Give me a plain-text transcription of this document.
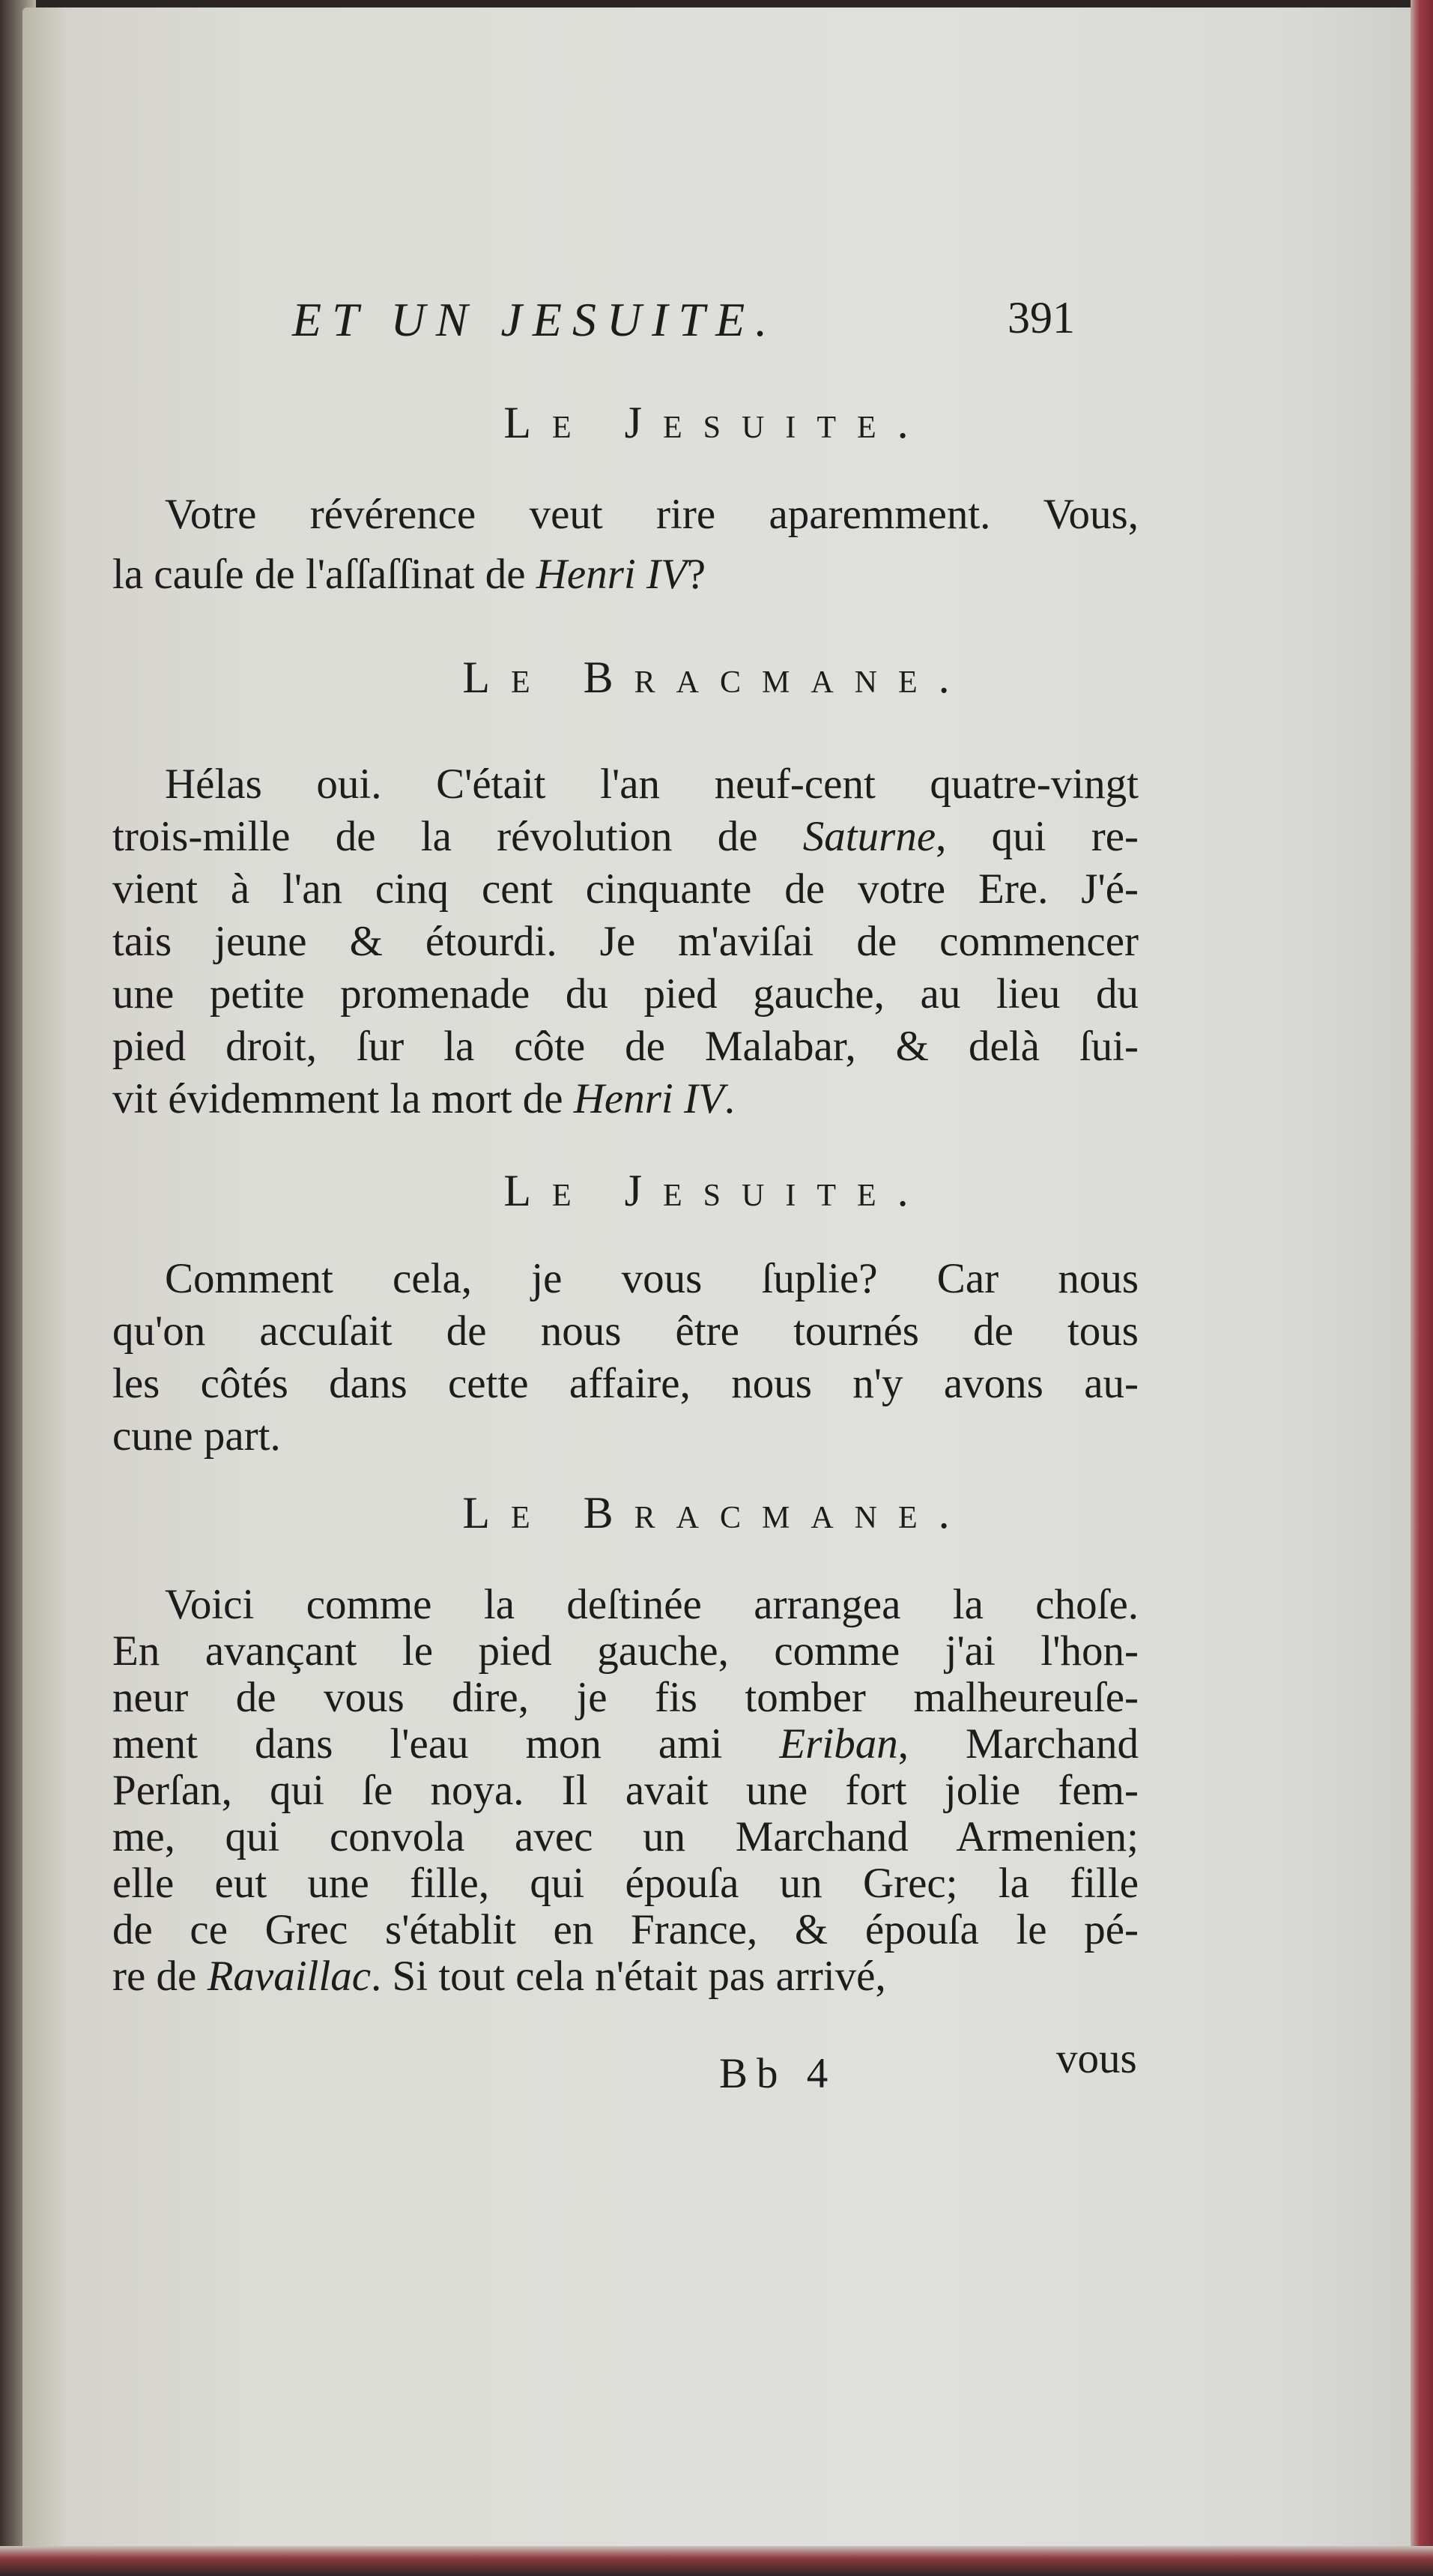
ET UN JESUITE.	391
Le Jesuite.
Votre révérence veut rire aparemment. Vous,
la cauſe de l'aſſaſſinat de Henri IV?
Le Bracmane.
Hélas oui. C'était l'an neuf-cent quatre-vingt
trois-mille de la révolution de Saturne, qui re-
vient à l'an cinq cent cinquante de votre Ere. J'é-
tais jeune & étourdi. Je m'aviſai de commencer
une petite promenade du pied gauche, au lieu du
pied droit, ſur la côte de Malabar, & delà ſui-
vit évidemment la mort de Henri IV.
Le Jesuite.
Comment cela, je vous ſuplie? Car nous
qu'on accuſait de nous être tournés de tous
les côtés dans cette affaire, nous n'y avons au-
cune part.
Le Bracmane.
Voici comme la deſtinée arrangea la choſe.
En avançant le pied gauche, comme j'ai l'hon-
neur de vous dire, je fis tomber malheureuſe-
ment dans l'eau mon ami Eriban, Marchand
Perſan, qui ſe noya. Il avait une fort jolie fem-
me, qui convola avec un Marchand Armenien;
elle eut une fille, qui épouſa un Grec; la fille
de ce Grec s'établit en France, & épouſa le pé-
re de Ravaillac. Si tout cela n'était pas arrivé,
Bb 4	vous
